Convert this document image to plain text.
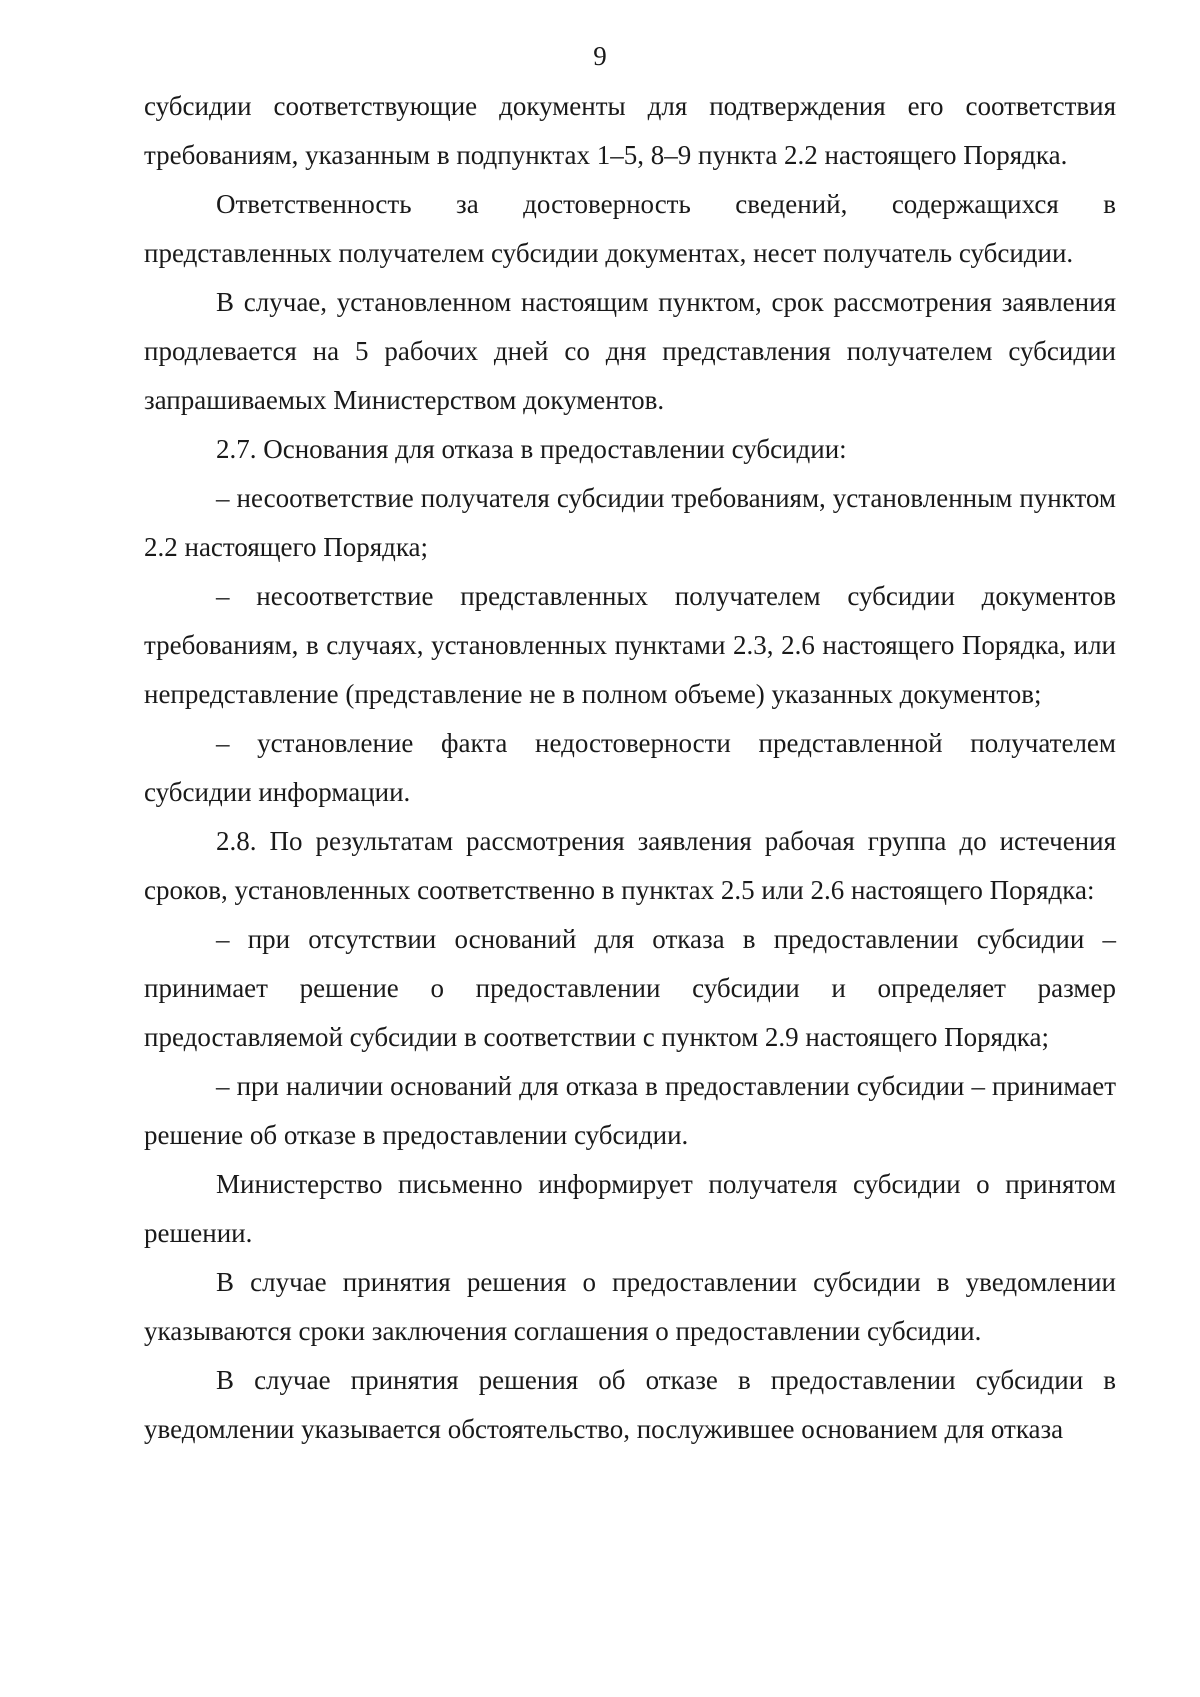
9

субсидии соответствующие документы для подтверждения его соответствия требованиям, указанным в подпунктах 1–5, 8–9 пункта 2.2 настоящего Порядка.

Ответственность за достоверность сведений, содержащихся в представленных получателем субсидии документах, несет получатель субсидии.

В случае, установленном настоящим пунктом, срок рассмотрения заявления продлевается на 5 рабочих дней со дня представления получателем субсидии запрашиваемых Министерством документов.

2.7. Основания для отказа в предоставлении субсидии:

– несоответствие получателя субсидии требованиям, установленным пунктом 2.2 настоящего Порядка;

– несоответствие представленных получателем субсидии документов требованиям, в случаях, установленных пунктами 2.3, 2.6 настоящего Порядка, или непредставление (представление не в полном объеме) указанных документов;

– установление факта недостоверности представленной получателем субсидии информации.

2.8. По результатам рассмотрения заявления рабочая группа до истечения сроков, установленных соответственно в пунктах 2.5 или 2.6 настоящего Порядка:

– при отсутствии оснований для отказа в предоставлении субсидии – принимает решение о предоставлении субсидии и определяет размер предоставляемой субсидии в соответствии с пунктом 2.9 настоящего Порядка;

– при наличии оснований для отказа в предоставлении субсидии – принимает решение об отказе в предоставлении субсидии.

Министерство письменно информирует получателя субсидии о принятом решении.

В случае принятия решения о предоставлении субсидии в уведомлении указываются сроки заключения соглашения о предоставлении субсидии.

В случае принятия решения об отказе в предоставлении субсидии в уведомлении указывается обстоятельство, послужившее основанием для отказа
